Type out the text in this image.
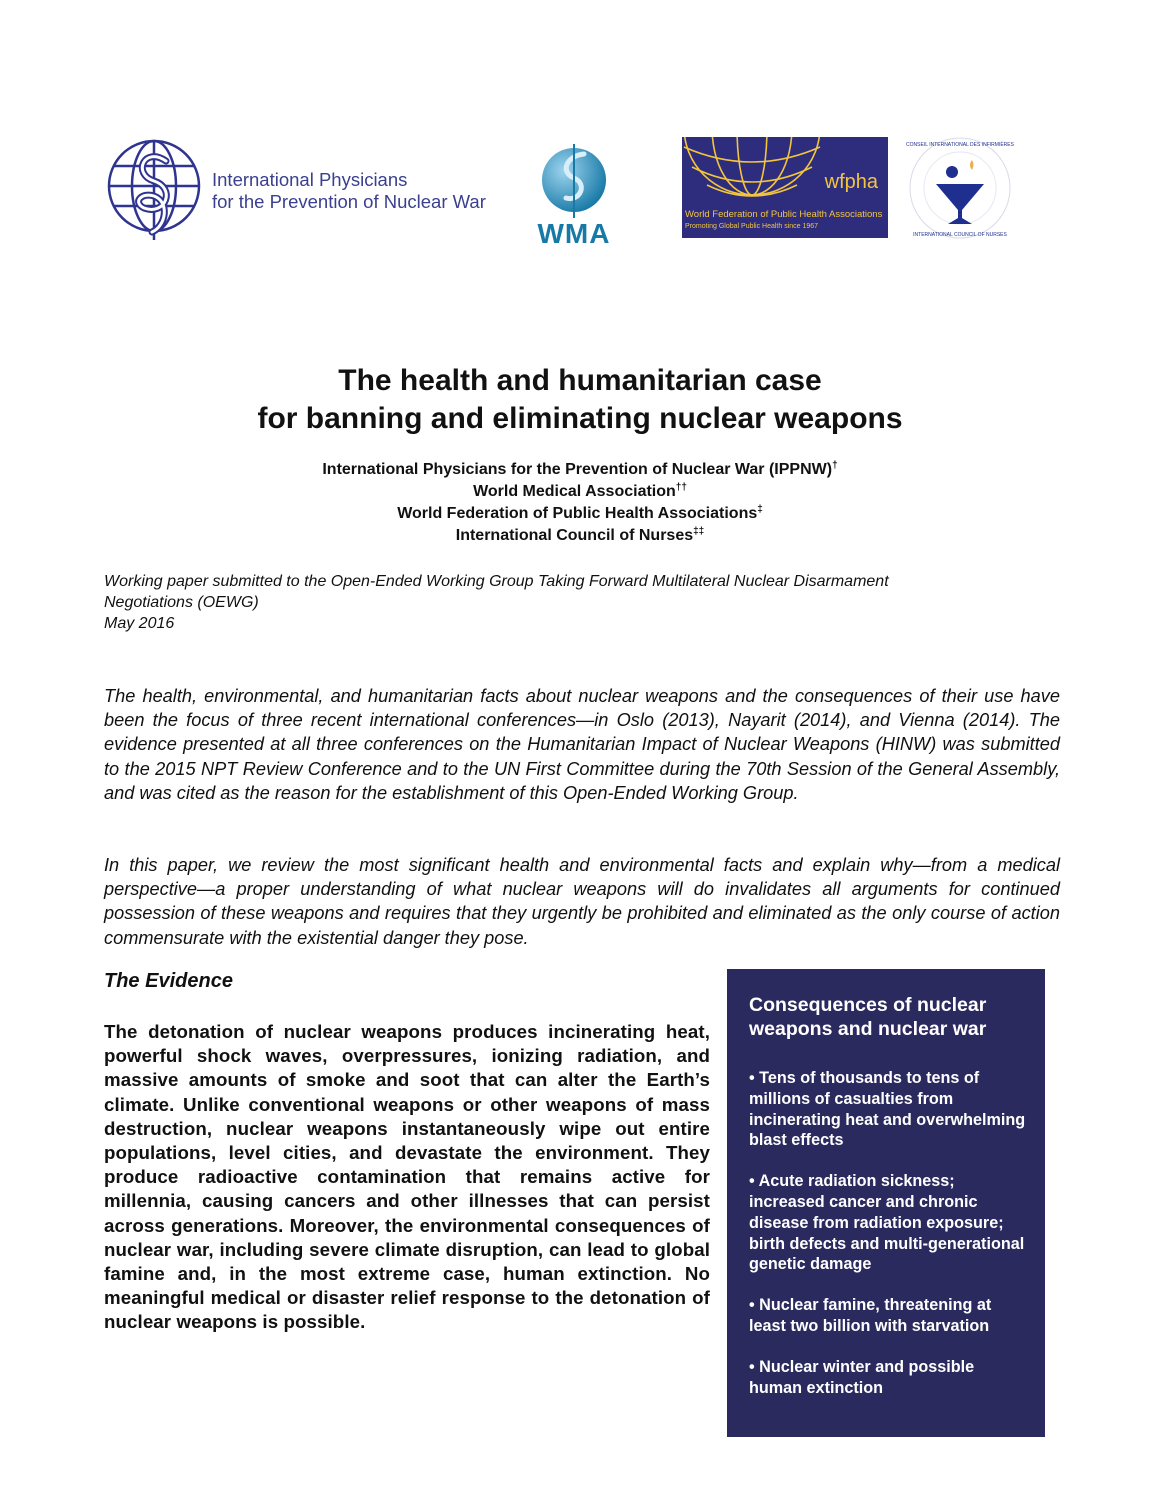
International Physicians
for the Prevention of Nuclear War
WMA
wfpha
World Federation of Public Health Associations
Promoting Global Public Health since 1967
CONSEIL INTERNATIONAL DES INFIRMIÈRES
INTERNATIONAL COUNCIL OF NURSES
The health and humanitarian case
for banning and eliminating nuclear weapons
International Physicians for the Prevention of Nuclear War (IPPNW)†
World Medical Association††
World Federation of Public Health Associations‡
International Council of Nurses‡‡
Working paper submitted to the Open-Ended Working Group Taking Forward Multilateral Nuclear Disarmament
Negotiations (OEWG)
May 2016

The health, environmental, and humanitarian facts about nuclear weapons and the consequences of their use have been the focus of three recent international conferences—in Oslo (2013), Nayarit (2014), and Vienna (2014). The evidence presented at all three conferences on the Humanitarian Impact of Nuclear Weapons (HINW) was submitted to the 2015 NPT Review Conference and to the UN First Committee during the 70th Session of the General Assembly, and was cited as the reason for the establishment of this Open-Ended Working Group.

In this paper, we review the most significant health and environmental facts and explain why—from a medical perspective—a proper understanding of what nuclear weapons will do invalidates all arguments for continued possession of these weapons and requires that they urgently be prohibited and eliminated as the only course of action commensurate with the existential danger they pose.

The Evidence

The detonation of nuclear weapons produces incinerating heat, powerful shock waves, overpressures, ionizing radiation, and massive amounts of smoke and soot that can alter the Earth’s climate. Unlike conventional weapons or other weapons of mass destruction, nuclear weapons instantaneously wipe out entire populations, level cities, and devastate the environment. They produce radioactive contamination that remains active for millennia, causing cancers and other illnesses that can persist across generations. Moreover, the environmental consequences of nuclear war, including severe climate disruption, can lead to global famine and, in the most extreme case, human extinction. No meaningful medical or disaster relief response to the detonation of nuclear weapons is possible.

Consequences of nuclear weapons and nuclear war
• Tens of thousands to tens of millions of casualties from incinerating heat and overwhelming blast effects
• Acute radiation sickness; increased cancer and chronic disease from radiation exposure; birth defects and multi-generational genetic damage
• Nuclear famine, threatening at least two billion with starvation
• Nuclear winter and possible human extinction
